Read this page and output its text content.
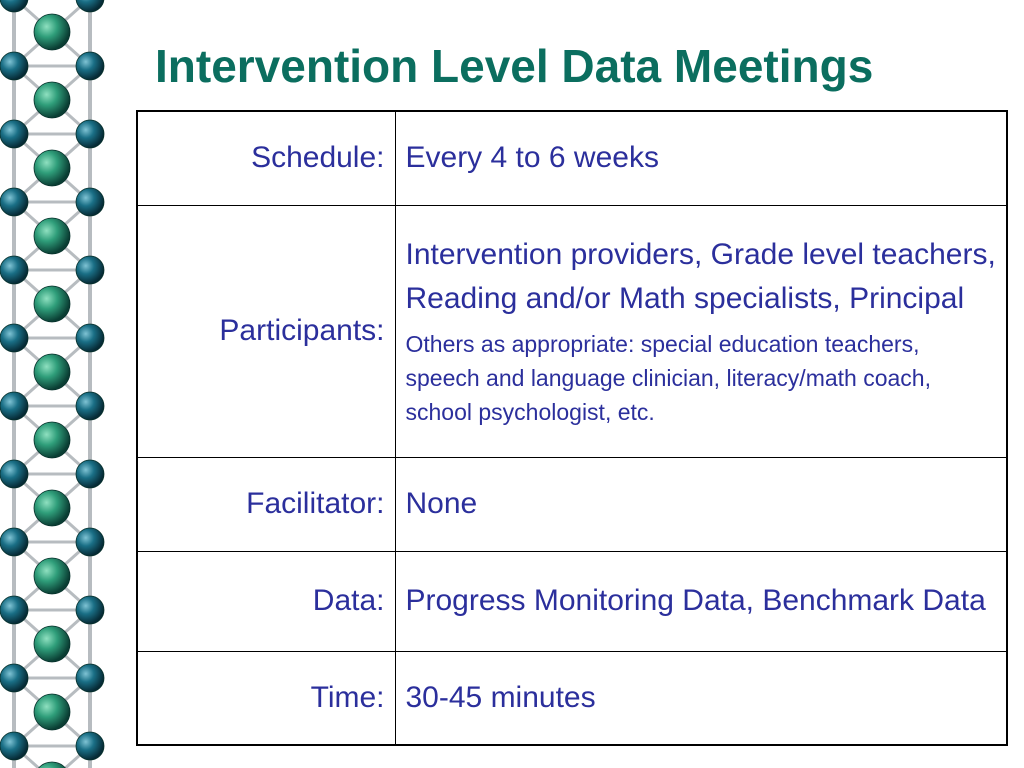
Intervention Level Data Meetings
Schedule:	Every 4 to 6 weeks
Participants:	Intervention providers, Grade level teachers, Reading and/or Math specialists, Principal
Others as appropriate: special education teachers, speech and language clinician, literacy/math coach, school psychologist, etc.

Facilitator:	None
Data:	Progress Monitoring Data, Benchmark Data
Time:	30-45 minutes
